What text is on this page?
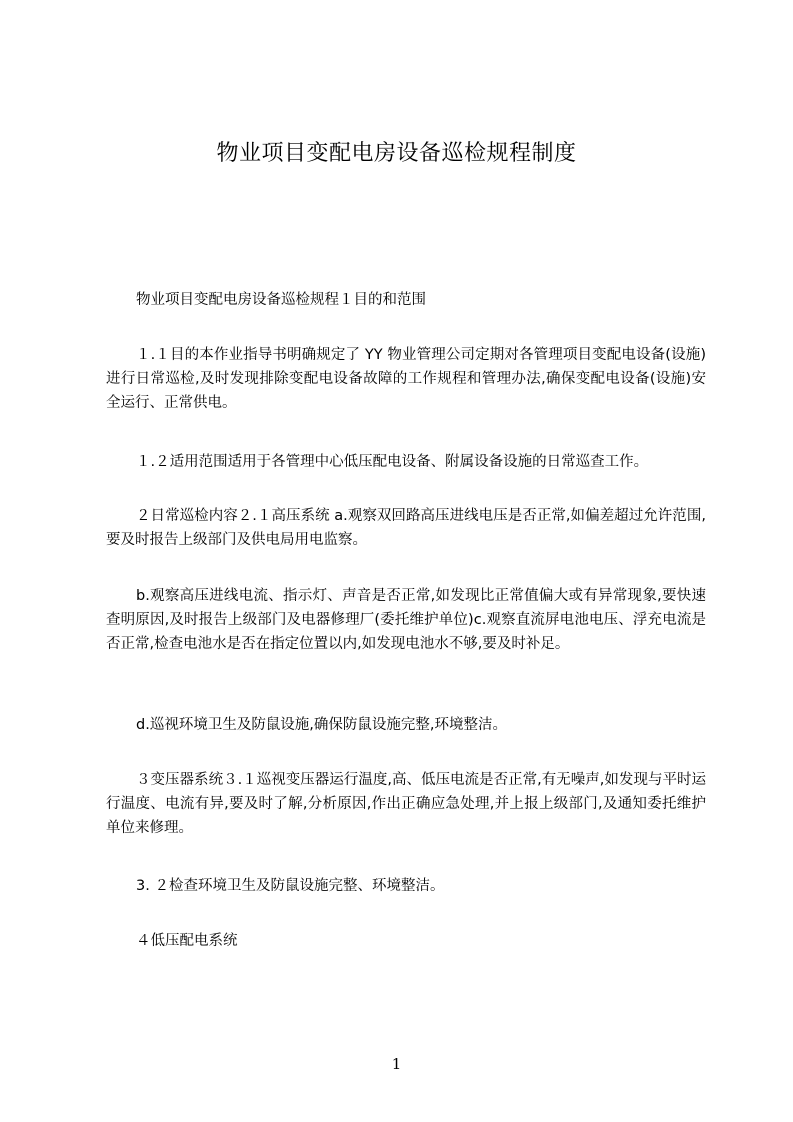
物业项目变配电房设备巡检规程制度

物业项目变配电房设备巡检规程１目的和范围

１.１目的本作业指导书明确规定了 YY 物业管理公司定期对各管理项目变配电设备(设施)进行日常巡检,及时发现排除变配电设备故障的工作规程和管理办法,确保变配电设备(设施)安全运行、正常供电。

１.２适用范围适用于各管理中心低压配电设备、附属设备设施的日常巡查工作。

２日常巡检内容２.１高压系统 a.观察双回路高压进线电压是否正常,如偏差超过允许范围,要及时报告上级部门及供电局用电监察。

b.观察高压进线电流、指示灯、声音是否正常,如发现比正常值偏大或有异常现象,要快速查明原因,及时报告上级部门及电器修理厂(委托维护单位)c.观察直流屏电池电压、浮充电流是否正常,检查电池水是否在指定位置以内,如发现电池水不够,要及时补足。

d.巡视环境卫生及防鼠设施,确保防鼠设施完整,环境整洁。

３变压器系统３.１巡视变压器运行温度,高、低压电流是否正常,有无噪声,如发现与平时运行温度、电流有异,要及时了解,分析原因,作出正确应急处理,并上报上级部门,及通知委托维护单位来修理。

3. ２检查环境卫生及防鼠设施完整、环境整洁。

４低压配电系统

1
